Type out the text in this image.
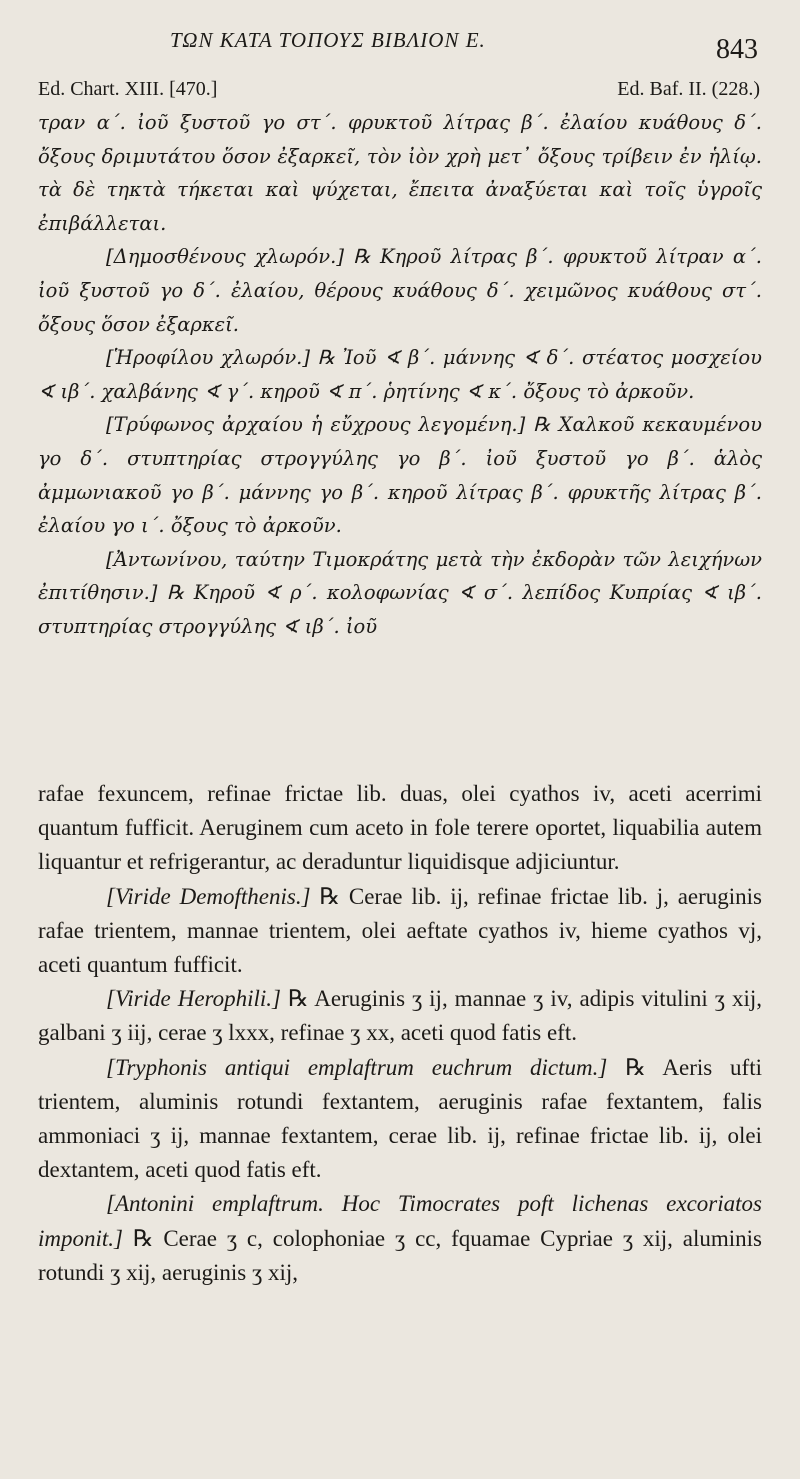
ΤΩΝ ΚΑΤΑ ΤΟΠΟΥΣ ΒΙΒΛΙΟΝ Ε.	843
Ed. Chart. XIII. [470.]	Ed. Baf. II. (228.)

τραν α΄. ἰοῦ ξυστοῦ γο στ΄. φρυκτοῦ λίτρας β΄. ἐλαίου κυάθους δ΄. ὄξους δριμυτάτου ὅσον ἐξαρκεῖ, τὸν ἰὸν χρὴ μετ᾽ ὄξους τρίβειν ἐν ἡλίῳ. τὰ δὲ τηκτὰ τήκεται καὶ ψύχεται, ἔπειτα ἀναξύεται καὶ τοῖς ὑγροῖς ἐπιβάλλεται.

[Δημοσθένους χλωρόν.] ℞ Κηροῦ λίτρας β΄. φρυκτοῦ λίτραν α΄. ἰοῦ ξυστοῦ γο δ΄. ἐλαίου, θέρους κυάθους δ΄. χειμῶνος κυάθους στ΄. ὄξους ὅσον ἐξαρκεῖ.

[Ἡροφίλου χλωρόν.] ℞ Ἰοῦ ∢ β΄. μάννης ∢ δ΄. στέατος μοσχείου ∢ ιβ΄. χαλβάνης ∢ γ΄. κηροῦ ∢ π΄. ῥητίνης ∢ κ΄. ὄξους τὸ ἀρκοῦν.

[Τρύφωνος ἀρχαίου ἡ εὔχρους λεγομένη.] ℞ Χαλκοῦ κεκαυμένου γο δ΄. στυπτηρίας στρογγύλης γο β΄. ἰοῦ ξυστοῦ γο β΄. ἁλὸς ἀμμωνιακοῦ γο β΄. μάννης γο β΄. κηροῦ λίτρας β΄. φρυκτῆς λίτρας β΄. ἐλαίου γο ι΄. ὄξους τὸ ἀρκοῦν.

[Ἀντωνίνου, ταύτην Τιμοκράτης μετὰ τὴν ἐκδορὰν τῶν λειχήνων ἐπιτίθησιν.] ℞ Κηροῦ ∢ ρ΄. κολοφωνίας ∢ σ΄. λεπίδος Κυπρίας ∢ ιβ΄. στυπτηρίας στρογγύλης ∢ ιβ΄. ἰοῦ

rafae fexuncem, refinae frictae lib. duas, olei cyathos iv, aceti acerrimi quantum fufficit. Aeruginem cum aceto in fole terere oportet, liquabilia autem liquantur et refrigerantur, ac deraduntur liquidisque adjiciuntur.

[Viride Demofthenis.] ℞ Cerae lib. ij, refinae frictae lib. j, aeruginis rafae trientem, mannae trientem, olei aeftate cyathos iv, hieme cyathos vj, aceti quantum fufficit.

[Viride Herophili.] ℞ Aeruginis ʒ ij, mannae ʒ iv, adipis vitulini ʒ xij, galbani ʒ iij, cerae ʒ lxxx, refinae ʒ xx, aceti quod fatis eft.

[Tryphonis antiqui emplaftrum euchrum dictum.] ℞ Aeris ufti trientem, aluminis rotundi fextantem, aeruginis rafae fextantem, falis ammoniaci ʒ ij, mannae fextantem, cerae lib. ij, refinae frictae lib. ij, olei dextantem, aceti quod fatis eft.

[Antonini emplaftrum. Hoc Timocrates poft lichenas excoriatos imponit.] ℞ Cerae ʒ c, colophoniae ʒ cc, fquamae Cypriae ʒ xij, aluminis rotundi ʒ xij, aeruginis ʒ xij,
